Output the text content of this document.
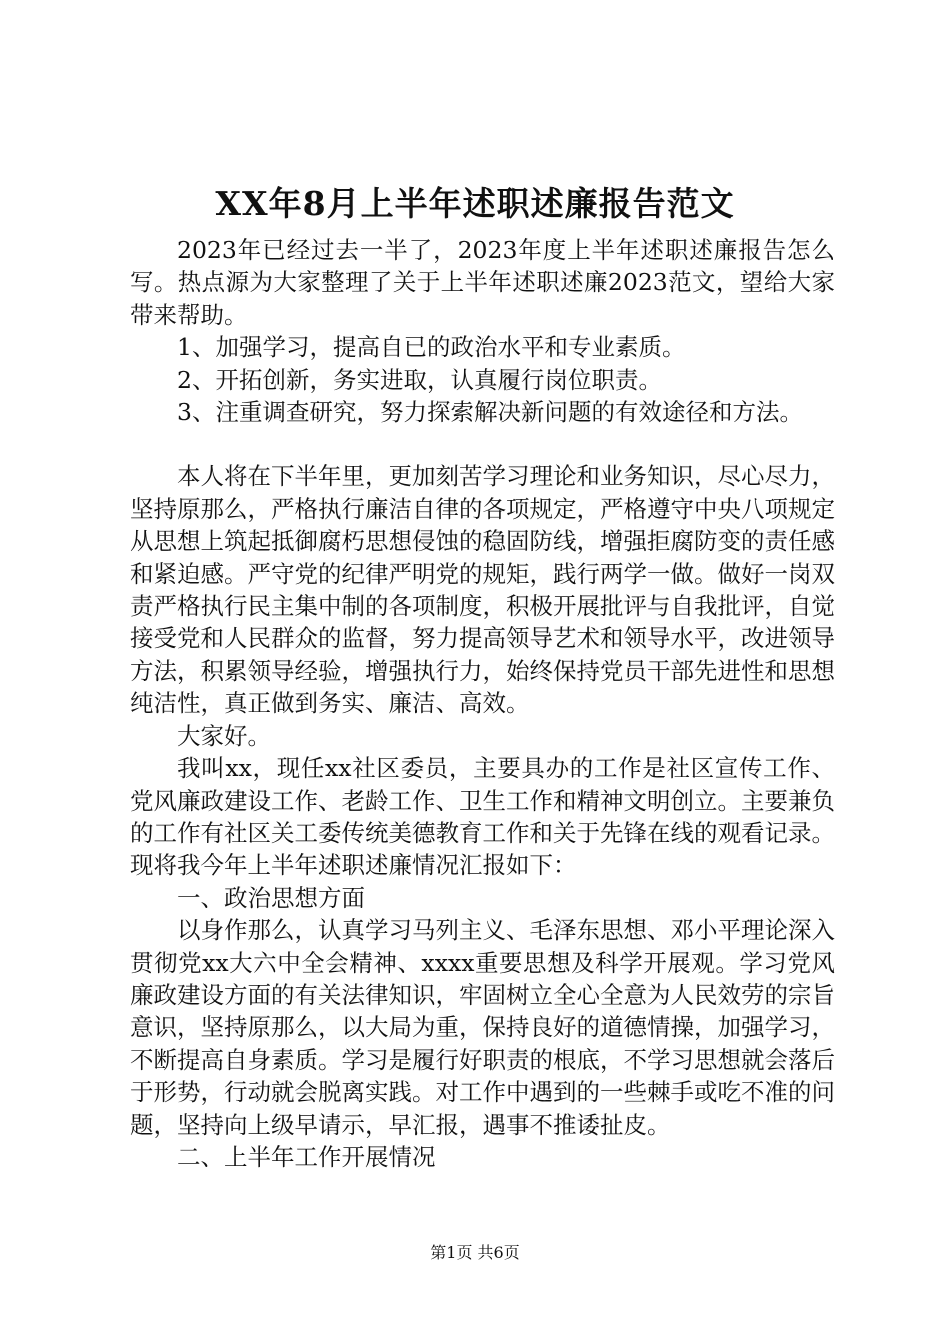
XX年8月上半年述职述廉报告范文

2023年已经过去一半了，2023年度上半年述职述廉报告怎么写。热点源为大家整理了关于上半年述职述廉2023范文，望给大家带来帮助。

1、加强学习，提高自已的政治水平和专业素质。

2、开拓创新，务实进取，认真履行岗位职责。

3、注重调查研究，努力探索解决新问题的有效途径和方法。

本人将在下半年里，更加刻苦学习理论和业务知识，尽心尽力，坚持原那么，严格执行廉洁自律的各项规定，严格遵守中央八项规定从思想上筑起抵御腐朽思想侵蚀的稳固防线，增强拒腐防变的责任感和紧迫感。严守党的纪律严明党的规矩，践行两学一做。做好一岗双责严格执行民主集中制的各项制度，积极开展批评与自我批评，自觉接受党和人民群众的监督，努力提高领导艺术和领导水平，改进领导方法，积累领导经验，增强执行力，始终保持党员干部先进性和思想纯洁性，真正做到务实、廉洁、高效。

大家好。

我叫xx，现任xx社区委员，主要具办的工作是社区宣传工作、党风廉政建设工作、老龄工作、卫生工作和精神文明创立。主要兼负的工作有社区关工委传统美德教育工作和关于先锋在线的观看记录。现将我今年上半年述职述廉情况汇报如下：

一、政治思想方面

以身作那么，认真学习马列主义、毛泽东思想、邓小平理论深入贯彻党xx大六中全会精神、xxxx重要思想及科学开展观。学习党风廉政建设方面的有关法律知识，牢固树立全心全意为人民效劳的宗旨意识，坚持原那么，以大局为重，保持良好的道德情操，加强学习，不断提高自身素质。学习是履行好职责的根底，不学习思想就会落后于形势，行动就会脱离实践。对工作中遇到的一些棘手或吃不准的问题，坚持向上级早请示，早汇报，遇事不推诿扯皮。

二、上半年工作开展情况

第1页 共6页
